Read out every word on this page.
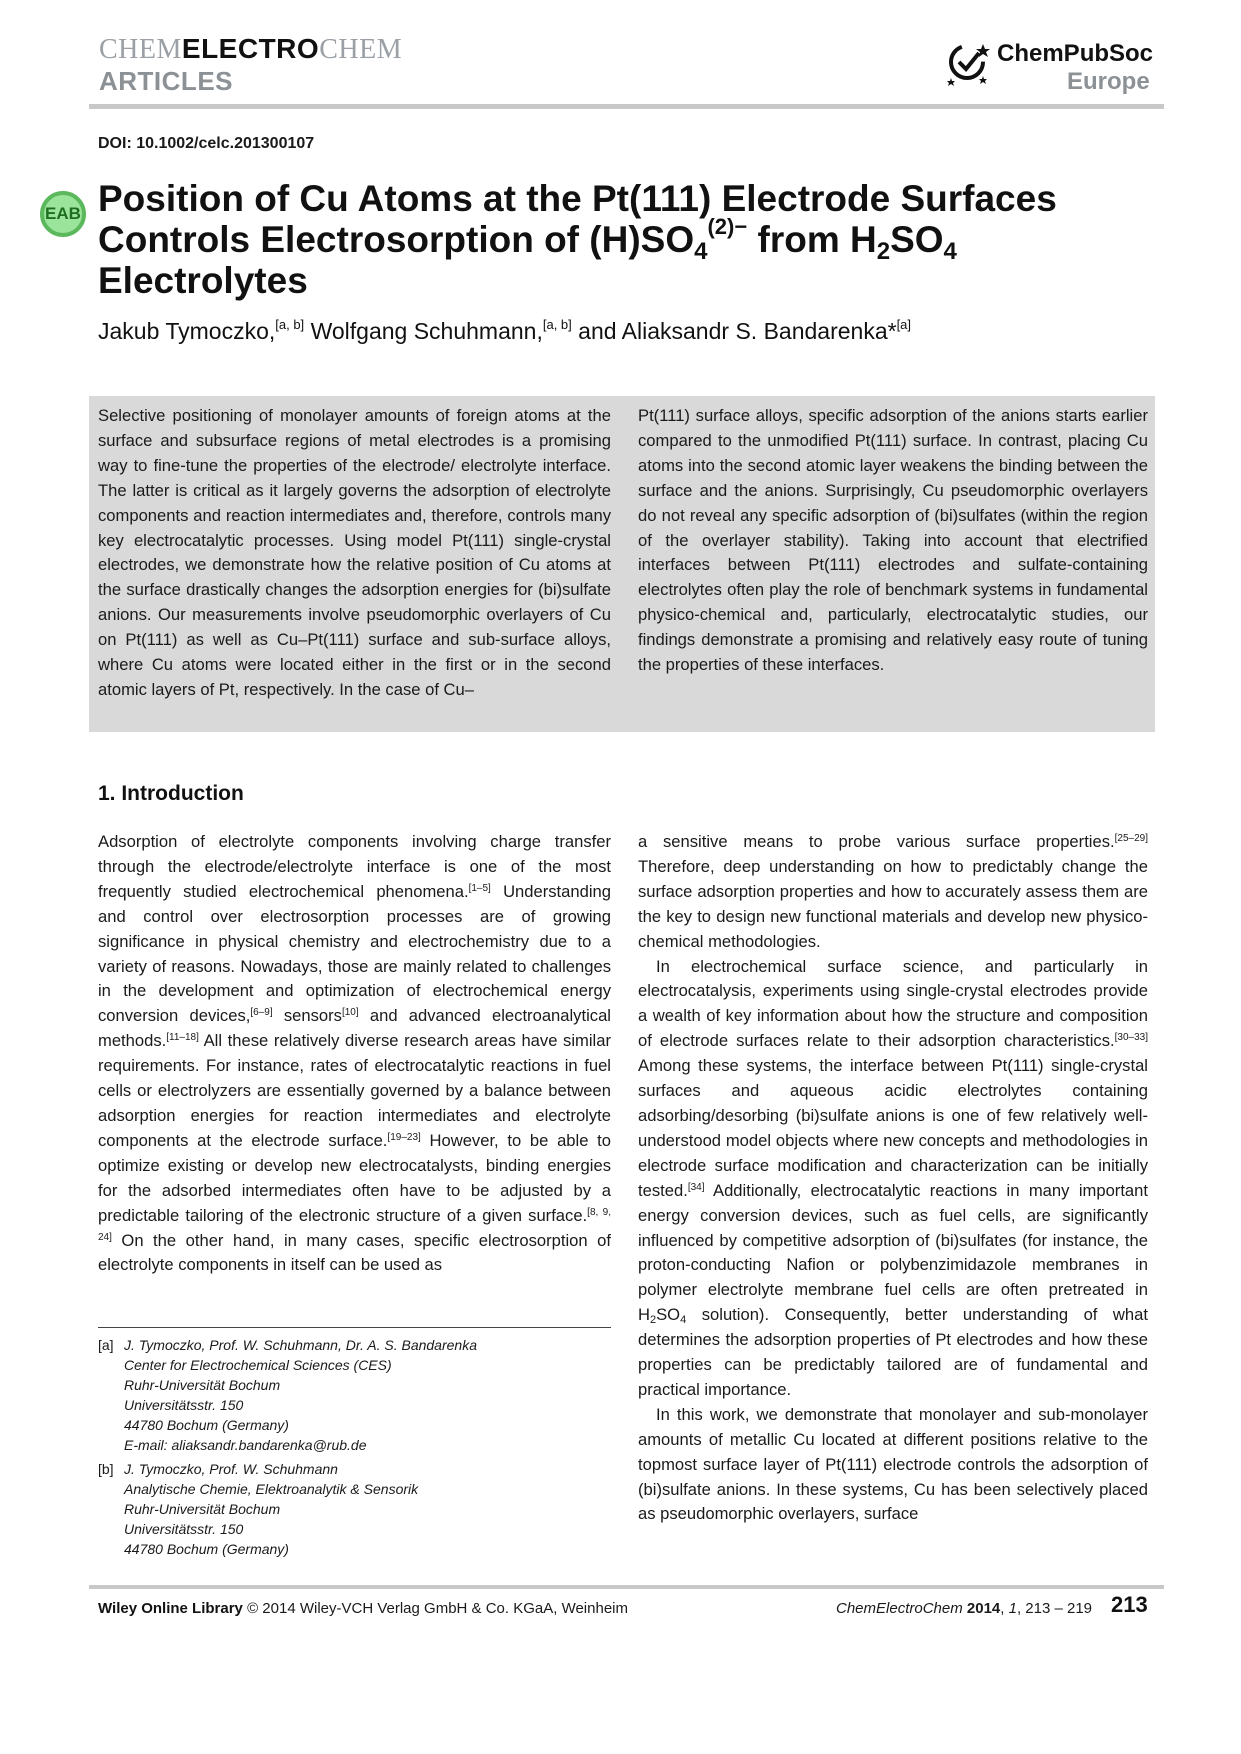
CHEMELECTROCHEM
ARTICLES
ChemPubSoc
Europe
DOI: 10.1002/celc.201300107
EAB Position of Cu Atoms at the Pt(111) Electrode Surfaces
Controls Electrosorption of $(H)SO_4^{(2)-}$ from $H_2SO_4$
Electrolytes
Jakub Tymoczko,[a, b] Wolfgang Schuhmann,[a, b] and Aliaksandr S. Bandarenka*[a]
Selective positioning of monolayer amounts of foreign atoms at the surface and subsurface regions of metal electrodes is a promising way to fine-tune the properties of the electrode/ electrolyte interface. The latter is critical as it largely governs the adsorption of electrolyte components and reaction intermediates and, therefore, controls many key electrocatalytic processes. Using model Pt(111) single-crystal electrodes, we demonstrate how the relative position of Cu atoms at the surface drastically changes the adsorption energies for (bi)sulfate anions. Our measurements involve pseudomorphic overlayers of Cu on Pt(111) as well as Cu–Pt(111) surface and sub-surface alloys, where Cu atoms were located either in the first or in the second atomic layers of Pt, respectively. In the case of Cu–
Pt(111) surface alloys, specific adsorption of the anions starts earlier compared to the unmodified Pt(111) surface. In contrast, placing Cu atoms into the second atomic layer weakens the binding between the surface and the anions. Surprisingly, Cu pseudomorphic overlayers do not reveal any specific adsorption of (bi)sulfates (within the region of the overlayer stability). Taking into account that electrified interfaces between Pt(111) electrodes and sulfate-containing electrolytes often play the role of benchmark systems in fundamental physico-chemical and, particularly, electrocatalytic studies, our findings demonstrate a promising and relatively easy route of tuning the properties of these interfaces.
1. Introduction

Adsorption of electrolyte components involving charge transfer through the electrode/electrolyte interface is one of the most frequently studied electrochemical phenomena.[1–5] Understanding and control over electrosorption processes are of growing significance in physical chemistry and electrochemistry due to a variety of reasons. Nowadays, those are mainly related to challenges in the development and optimization of electrochemical energy conversion devices,[6–9] sensors[10] and advanced electroanalytical methods.[11–18] All these relatively diverse research areas have similar requirements. For instance, rates of electrocatalytic reactions in fuel cells or electrolyzers are essentially governed by a balance between adsorption energies for reaction intermediates and electrolyte components at the electrode surface.[19–23] However, to be able to optimize existing or develop new electrocatalysts, binding energies for the adsorbed intermediates often have to be adjusted by a predictable tailoring of the electronic structure of a given surface.[8, 9, 24] On the other hand, in many cases, specific electrosorption of electrolyte components in itself can be used as

[a] J. Tymoczko, Prof. W. Schuhmann, Dr. A. S. Bandarenka
Center for Electrochemical Sciences (CES)
Ruhr-Universität Bochum
Universitätsstr. 150
44780 Bochum (Germany)
E-mail: aliaksandr.bandarenka@rub.de
[b] J. Tymoczko, Prof. W. Schuhmann
Analytische Chemie, Elektroanalytik & Sensorik
Ruhr-Universität Bochum
Universitätsstr. 150
44780 Bochum (Germany)

a sensitive means to probe various surface properties.[25–29] Therefore, deep understanding on how to predictably change the surface adsorption properties and how to accurately assess them are the key to design new functional materials and develop new physico-chemical methodologies.

In electrochemical surface science, and particularly in electrocatalysis, experiments using single-crystal electrodes provide a wealth of key information about how the structure and composition of electrode surfaces relate to their adsorption characteristics.[30–33] Among these systems, the interface between Pt(111) single-crystal surfaces and aqueous acidic electrolytes containing adsorbing/desorbing (bi)sulfate anions is one of few relatively well-understood model objects where new concepts and methodologies in electrode surface modification and characterization can be initially tested.[34] Additionally, electrocatalytic reactions in many important energy conversion devices, such as fuel cells, are significantly influenced by competitive adsorption of (bi)sulfates (for instance, the proton-conducting Nafion or polybenzimidazole membranes in polymer electrolyte membrane fuel cells are often pretreated in $H_2SO_4$ solution). Consequently, better understanding of what determines the adsorption properties of Pt electrodes and how these properties can be predictably tailored are of fundamental and practical importance.

In this work, we demonstrate that monolayer and sub-monolayer amounts of metallic Cu located at different positions relative to the topmost surface layer of Pt(111) electrode controls the adsorption of (bi)sulfate anions. In these systems, Cu has been selectively placed as pseudomorphic overlayers, surface

Wiley Online Library © 2014 Wiley-VCH Verlag GmbH & Co. KGaA, Weinheim	ChemElectroChem 2014, 1, 213 – 219 213
